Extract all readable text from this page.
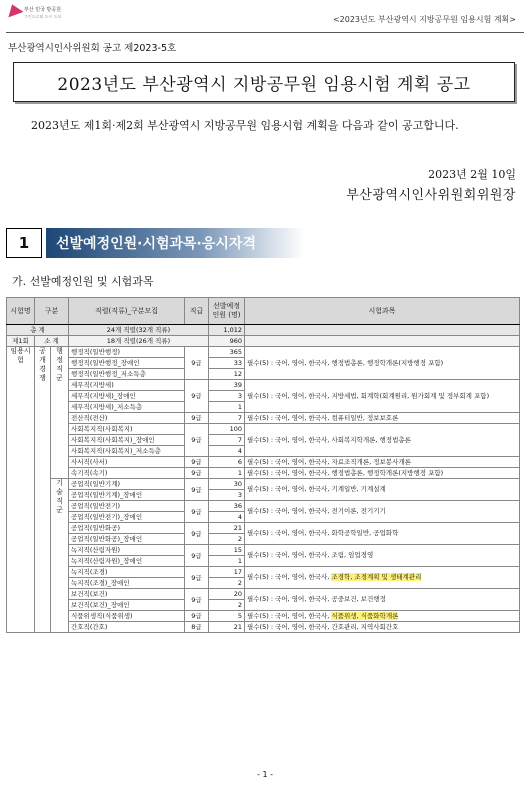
부산 민국 방공원
그린으로와 도시 도보	<2023년도 부산광역시 지방공무원 임용시험 계획>
부산광역시인사위원회 공고 제2023-5호
2023년도 부산광역시 지방공무원 임용시험 계획 공고
2023년도 제1회·제2회 부산광역시 지방공무원 임용시험 계획을 다음과 같이 공고합니다.
2023년 2월 10일
부산광역시인사위원회위원장
1	선발예정인원·시험과목·응시자격
가. 선발예정인원 및 시험과목
시험명	구분		직렬(직류)_구분모집	직급	선발예정인원 (명)	시험과목
총 계			24개 직렬(32개 직류)		1,012	
제1회	소 계		18개 직렬(26개 직류)		960	
임용시험	공개경쟁	행정직군	행정직(일반행정)	9급	365	필수(5) : 국어, 영어, 한국사, 행정법총론, 행정학개론(지방행정 포함)
			행정직(일반행정_장애인		33	
			행정직(일반행정_저소득층		12	
			세무직(지방세)	9급	39	필수(5) : 국어, 영어, 한국사, 지방세법, 회계학(회계원리, 원가회계 및 정부회계 포함)
			세무직(지방세)_장애인		3	
			세무직(지방세)_저소득층		1	
			전산직(전산)	9급	7	필수(5) : 국어, 영어, 한국사, 컴퓨터일반, 정보보호론
			사회복지직(사회복지)	9급	100	필수(5) : 국어, 영어, 한국사, 사회복지학개론, 행정법총론
			사회복지직(사회복지)_장애인		7	
			사회복지직(사회복지)_저소득층		4	
			사서직(사서)	9급	6	필수(5) : 국어, 영어, 한국사, 자료조직개론, 정보봉사개론
			속기직(속기)	9급	1	필수(5) : 국어, 영어, 한국사, 행정법총론, 행정학개론(지방행정 포함)
		기술직군	공업직(일반기계)	9급	30	필수(5) : 국어, 영어, 한국사, 기계일반, 기계설계
			공업직(일반기계)_장애인		3	
			공업직(일반전기)	9급	36	필수(5) : 국어, 영어, 한국사, 전기이론, 전기기기
			공업직(일반전기)_장애인		4	
			공업직(일반화공)	9급	21	필수(5) : 국어, 영어, 한국사, 화학공학일반, 공업화학
			공업직(일반화공)_장애인		2	
			녹지직(산림자원)	9급	15	필수(5) : 국어, 영어, 한국사, 조림, 임업경영
			녹지직(산림자원)_장애인		1	
			녹지직(조경)	9급	17	필수(5) : 국어, 영어, 한국사, 조경학, 조경계획 및 생태계관리
			녹지직(조경)_장애인		2	
			보건직(보건)	9급	20	필수(5) : 국어, 영어, 한국사, 공중보건, 보건행정
			보건직(보건)_장애인		2	
			식품위생직(식품위생)	9급	5	필수(5) : 국어, 영어, 한국사, 식품위생, 식품화학개론
			간호직(간호)	8급	21	필수(5) : 국어, 영어, 한국사, 간호관리, 지역사회간호
- 1 -
